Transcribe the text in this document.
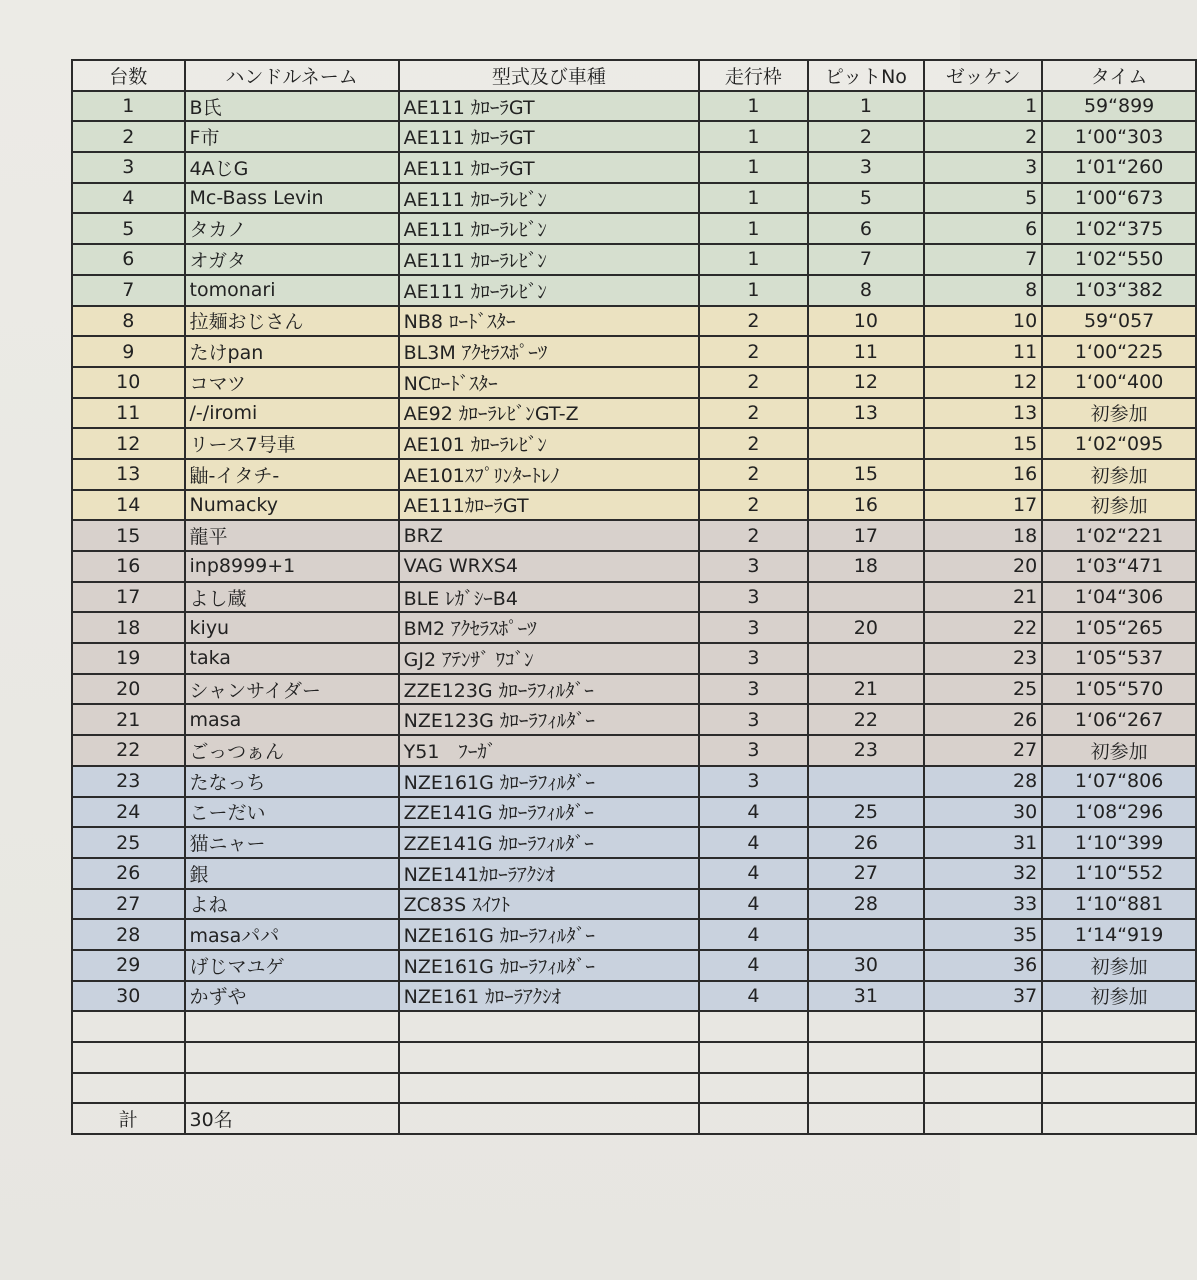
台数	ハンドルネーム	型式及び車種	走行枠	ピットNo	ゼッケン	タイム
1	B氏	AE111 ｶﾛｰﾗGT	1	1	1	59“899
2	F市	AE111 ｶﾛｰﾗGT	1	2	2	1‘00“303
3	4AじG	AE111 ｶﾛｰﾗGT	1	3	3	1‘01“260
4	Mc-Bass Levin	AE111 ｶﾛｰﾗﾚﾋﾞﾝ	1	5	5	1‘00“673
5	タカノ	AE111 ｶﾛｰﾗﾚﾋﾞﾝ	1	6	6	1‘02“375
6	オガタ	AE111 ｶﾛｰﾗﾚﾋﾞﾝ	1	7	7	1‘02“550
7	tomonari	AE111 ｶﾛｰﾗﾚﾋﾞﾝ	1	8	8	1‘03“382
8	拉麺おじさん	NB8 ﾛｰﾄﾞｽﾀｰ	2	10	10	59“057
9	たけpan	BL3M ｱｸｾﾗｽﾎﾟｰﾂ	2	11	11	1‘00“225
10	コマツ	NCﾛｰﾄﾞｽﾀｰ	2	12	12	1‘00“400
11	/-/iromi	AE92 ｶﾛｰﾗﾚﾋﾞﾝGT-Z	2	13	13	初参加
12	リース7号車	AE101 ｶﾛｰﾗﾚﾋﾞﾝ	2		15	1‘02“095
13	鼬-イタチ-	AE101ｽﾌﾟﾘﾝﾀｰﾄﾚﾉ	2	15	16	初参加
14	Numacky	AE111ｶﾛｰﾗGT	2	16	17	初参加
15	龍平	BRZ	2	17	18	1‘02“221
16	inp8999+1	VAG WRXS4	3	18	20	1‘03“471
17	よし蔵	BLE ﾚｶﾞｼｰB4	3		21	1‘04“306
18	kiyu	BM2 ｱｸｾﾗｽﾎﾟｰﾂ	3	20	22	1‘05“265
19	taka	GJ2 ｱﾃﾝｻﾞ ﾜｺﾞﾝ	3		23	1‘05“537
20	シャンサイダー	ZZE123G ｶﾛｰﾗﾌｨﾙﾀﾞｰ	3	21	25	1‘05“570
21	masa	NZE123G ｶﾛｰﾗﾌｨﾙﾀﾞｰ	3	22	26	1‘06“267
22	ごっつぁん	Y51　ﾌｰｶﾞ	3	23	27	初参加
23	たなっち	NZE161G ｶﾛｰﾗﾌｨﾙﾀﾞｰ	3		28	1‘07“806
24	こーだい	ZZE141G ｶﾛｰﾗﾌｨﾙﾀﾞｰ	4	25	30	1‘08“296
25	猫ニャー	ZZE141G ｶﾛｰﾗﾌｨﾙﾀﾞｰ	4	26	31	1‘10“399
26	銀	NZE141ｶﾛｰﾗｱｸｼｵ	4	27	32	1‘10“552
27	よね	ZC83S ｽｲﾌﾄ	4	28	33	1‘10“881
28	masaパパ	NZE161G ｶﾛｰﾗﾌｨﾙﾀﾞｰ	4		35	1‘14“919
29	げじマユゲ	NZE161G ｶﾛｰﾗﾌｨﾙﾀﾞｰ	4	30	36	初参加
30	かずや	NZE161 ｶﾛｰﾗｱｸｼｵ	4	31	37	初参加

計	30名					
